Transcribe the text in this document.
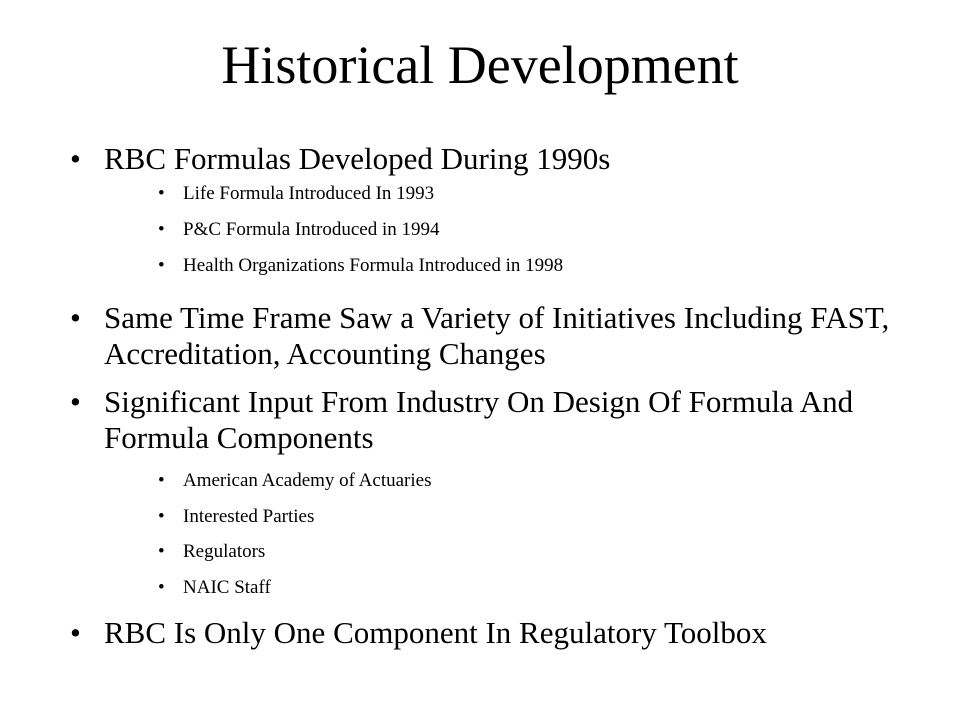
Historical Development
• RBC Formulas Developed During 1990s
• Life Formula Introduced In 1993
• P&C Formula Introduced in 1994
• Health Organizations Formula Introduced in 1998
• Same Time Frame Saw a Variety of Initiatives Including FAST, Accreditation, Accounting Changes
• Significant Input From Industry On Design Of Formula And Formula Components
• American Academy of Actuaries
• Interested Parties
• Regulators
• NAIC Staff
• RBC Is Only One Component In Regulatory Toolbox
